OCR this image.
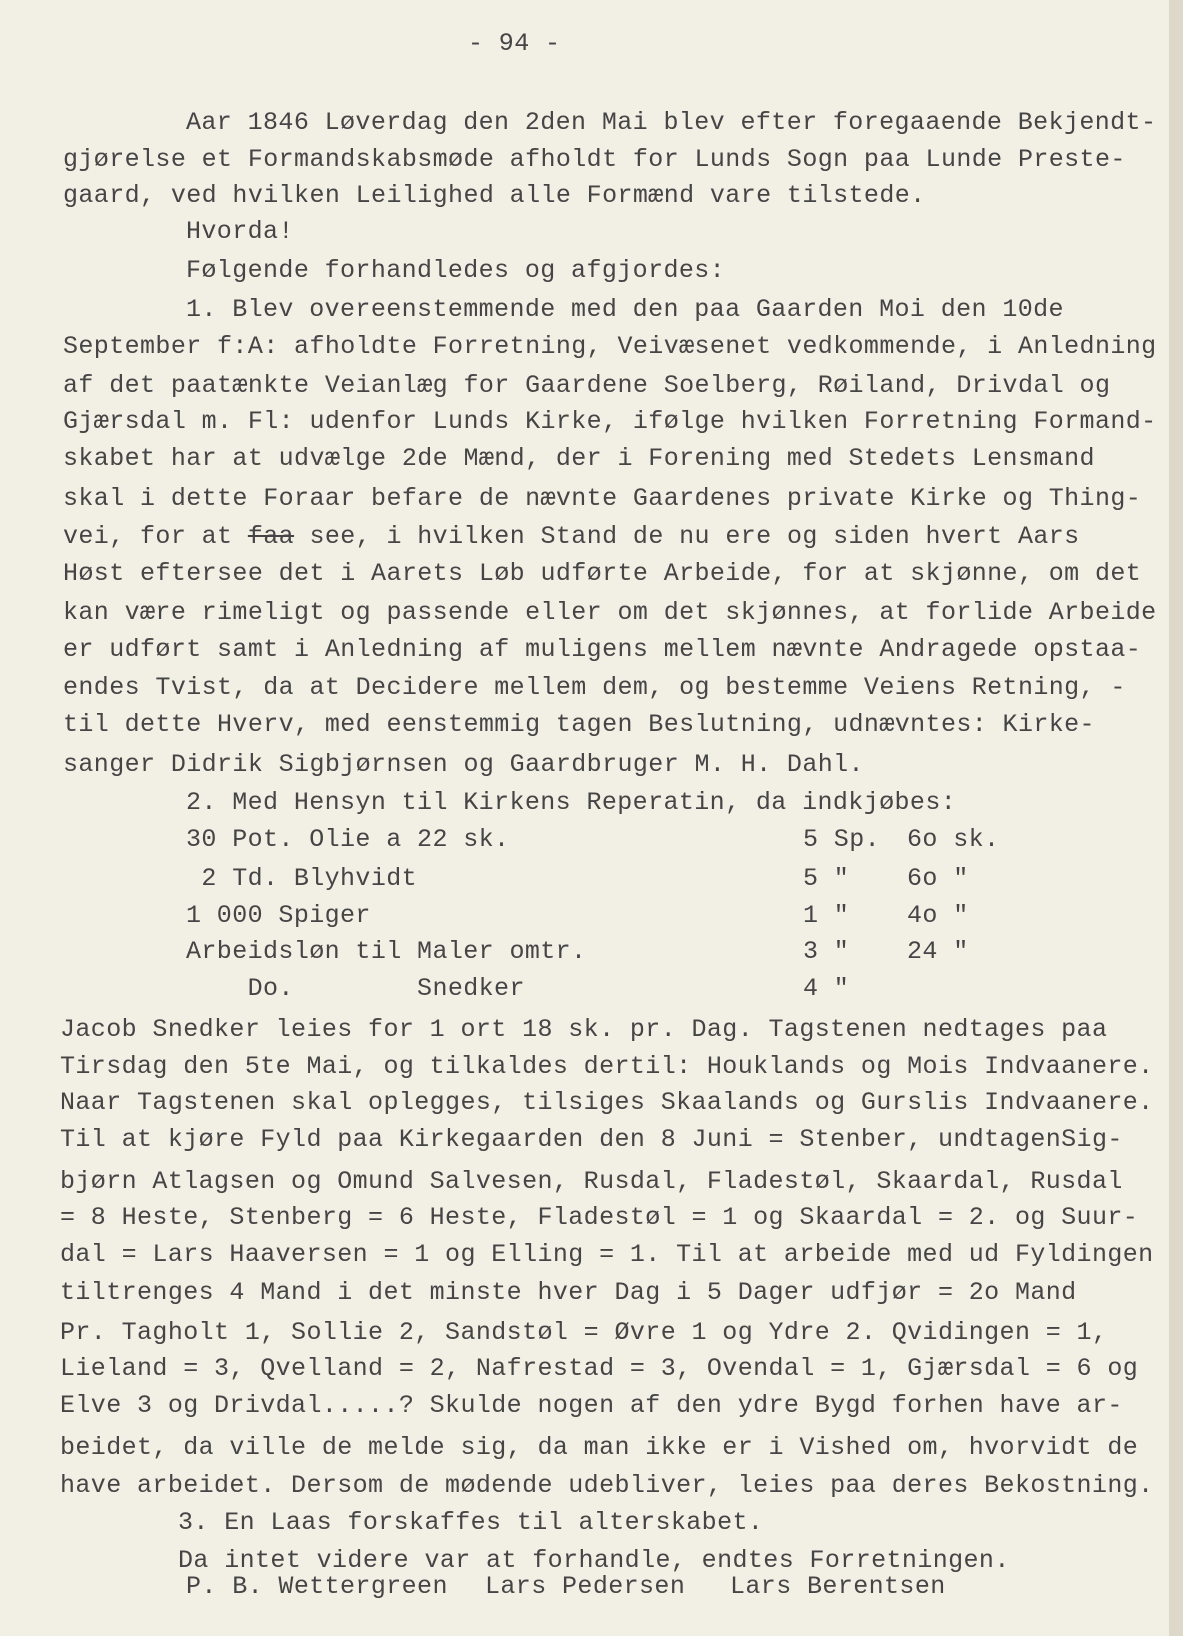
- 94 -
Aar 1846 Løverdag den 2den Mai blev efter foregaaende Bekjendt-
gjørelse et Formandskabsmøde afholdt for Lunds Sogn paa Lunde Preste-
gaard, ved hvilken Leilighed alle Formænd vare tilstede.
Hvorda!
Følgende forhandledes og afgjordes:
1. Blev overeenstemmende med den paa Gaarden Moi den 10de
September f:A: afholdte Forretning, Veivæsenet vedkommende, i Anledning
af det paatænkte Veianlæg for Gaardene Soelberg, Røiland, Drivdal og
Gjærsdal m. Fl: udenfor Lunds Kirke, ifølge hvilken Forretning Formand-
skabet har at udvælge 2de Mænd, der i Forening med Stedets Lensmand
skal i dette Foraar befare de nævnte Gaardenes private Kirke og Thing-
vei, for at faa see, i hvilken Stand de nu ere og siden hvert Aars
Høst eftersee det i Aarets Løb udførte Arbeide, for at skjønne, om det
kan være rimeligt og passende eller om det skjønnes, at forlide Arbeide
er udført samt i Anledning af muligens mellem nævnte Andragede opstaa-
endes Tvist, da at Decidere mellem dem, og bestemme Veiens Retning, -
til dette Hverv, med eenstemmig tagen Beslutning, udnævntes: Kirke-
sanger Didrik Sigbjørnsen og Gaardbruger M. H. Dahl.
2. Med Hensyn til Kirkens Reperatin, da indkjøbes:
30 Pot. Olie a 22 sk.	5 Sp. 6o sk.
2 Td. Blyhvidt	5 " 6o "
1 000 Spiger	1 " 4o "
Arbeidsløn til Maler omtr.	3 " 24 "
Do.        Snedker	4 "
Jacob Snedker leies for 1 ort 18 sk. pr. Dag. Tagstenen nedtages paa
Tirsdag den 5te Mai, og tilkaldes dertil: Houklands og Mois Indvaanere.
Naar Tagstenen skal oplegges, tilsiges Skaalands og Gurslis Indvaanere.
Til at kjøre Fyld paa Kirkegaarden den 8 Juni = Stenber, undtagenSig-
bjørn Atlagsen og Omund Salvesen, Rusdal, Fladestøl, Skaardal, Rusdal
= 8 Heste, Stenberg = 6 Heste, Fladestøl = 1 og Skaardal = 2. og Suur-
dal = Lars Haaversen = 1 og Elling = 1. Til at arbeide med ud Fyldingen
tiltrenges 4 Mand i det minste hver Dag i 5 Dager udfjør = 2o Mand
Pr. Tagholt 1, Sollie 2, Sandstøl = Øvre 1 og Ydre 2. Qvidingen = 1,
Lieland = 3, Qvelland = 2, Nafrestad = 3, Ovendal = 1, Gjærsdal = 6 og
Elve 3 og Drivdal.....? Skulde nogen af den ydre Bygd forhen have ar-
beidet, da ville de melde sig, da man ikke er i Vished om, hvorvidt de
have arbeidet. Dersom de mødende udebliver, leies paa deres Bekostning.
3. En Laas forskaffes til alterskabet.
Da intet videre var at forhandle, endtes Forretningen.
P. B. Wettergreen Lars Pedersen Lars Berentsen
